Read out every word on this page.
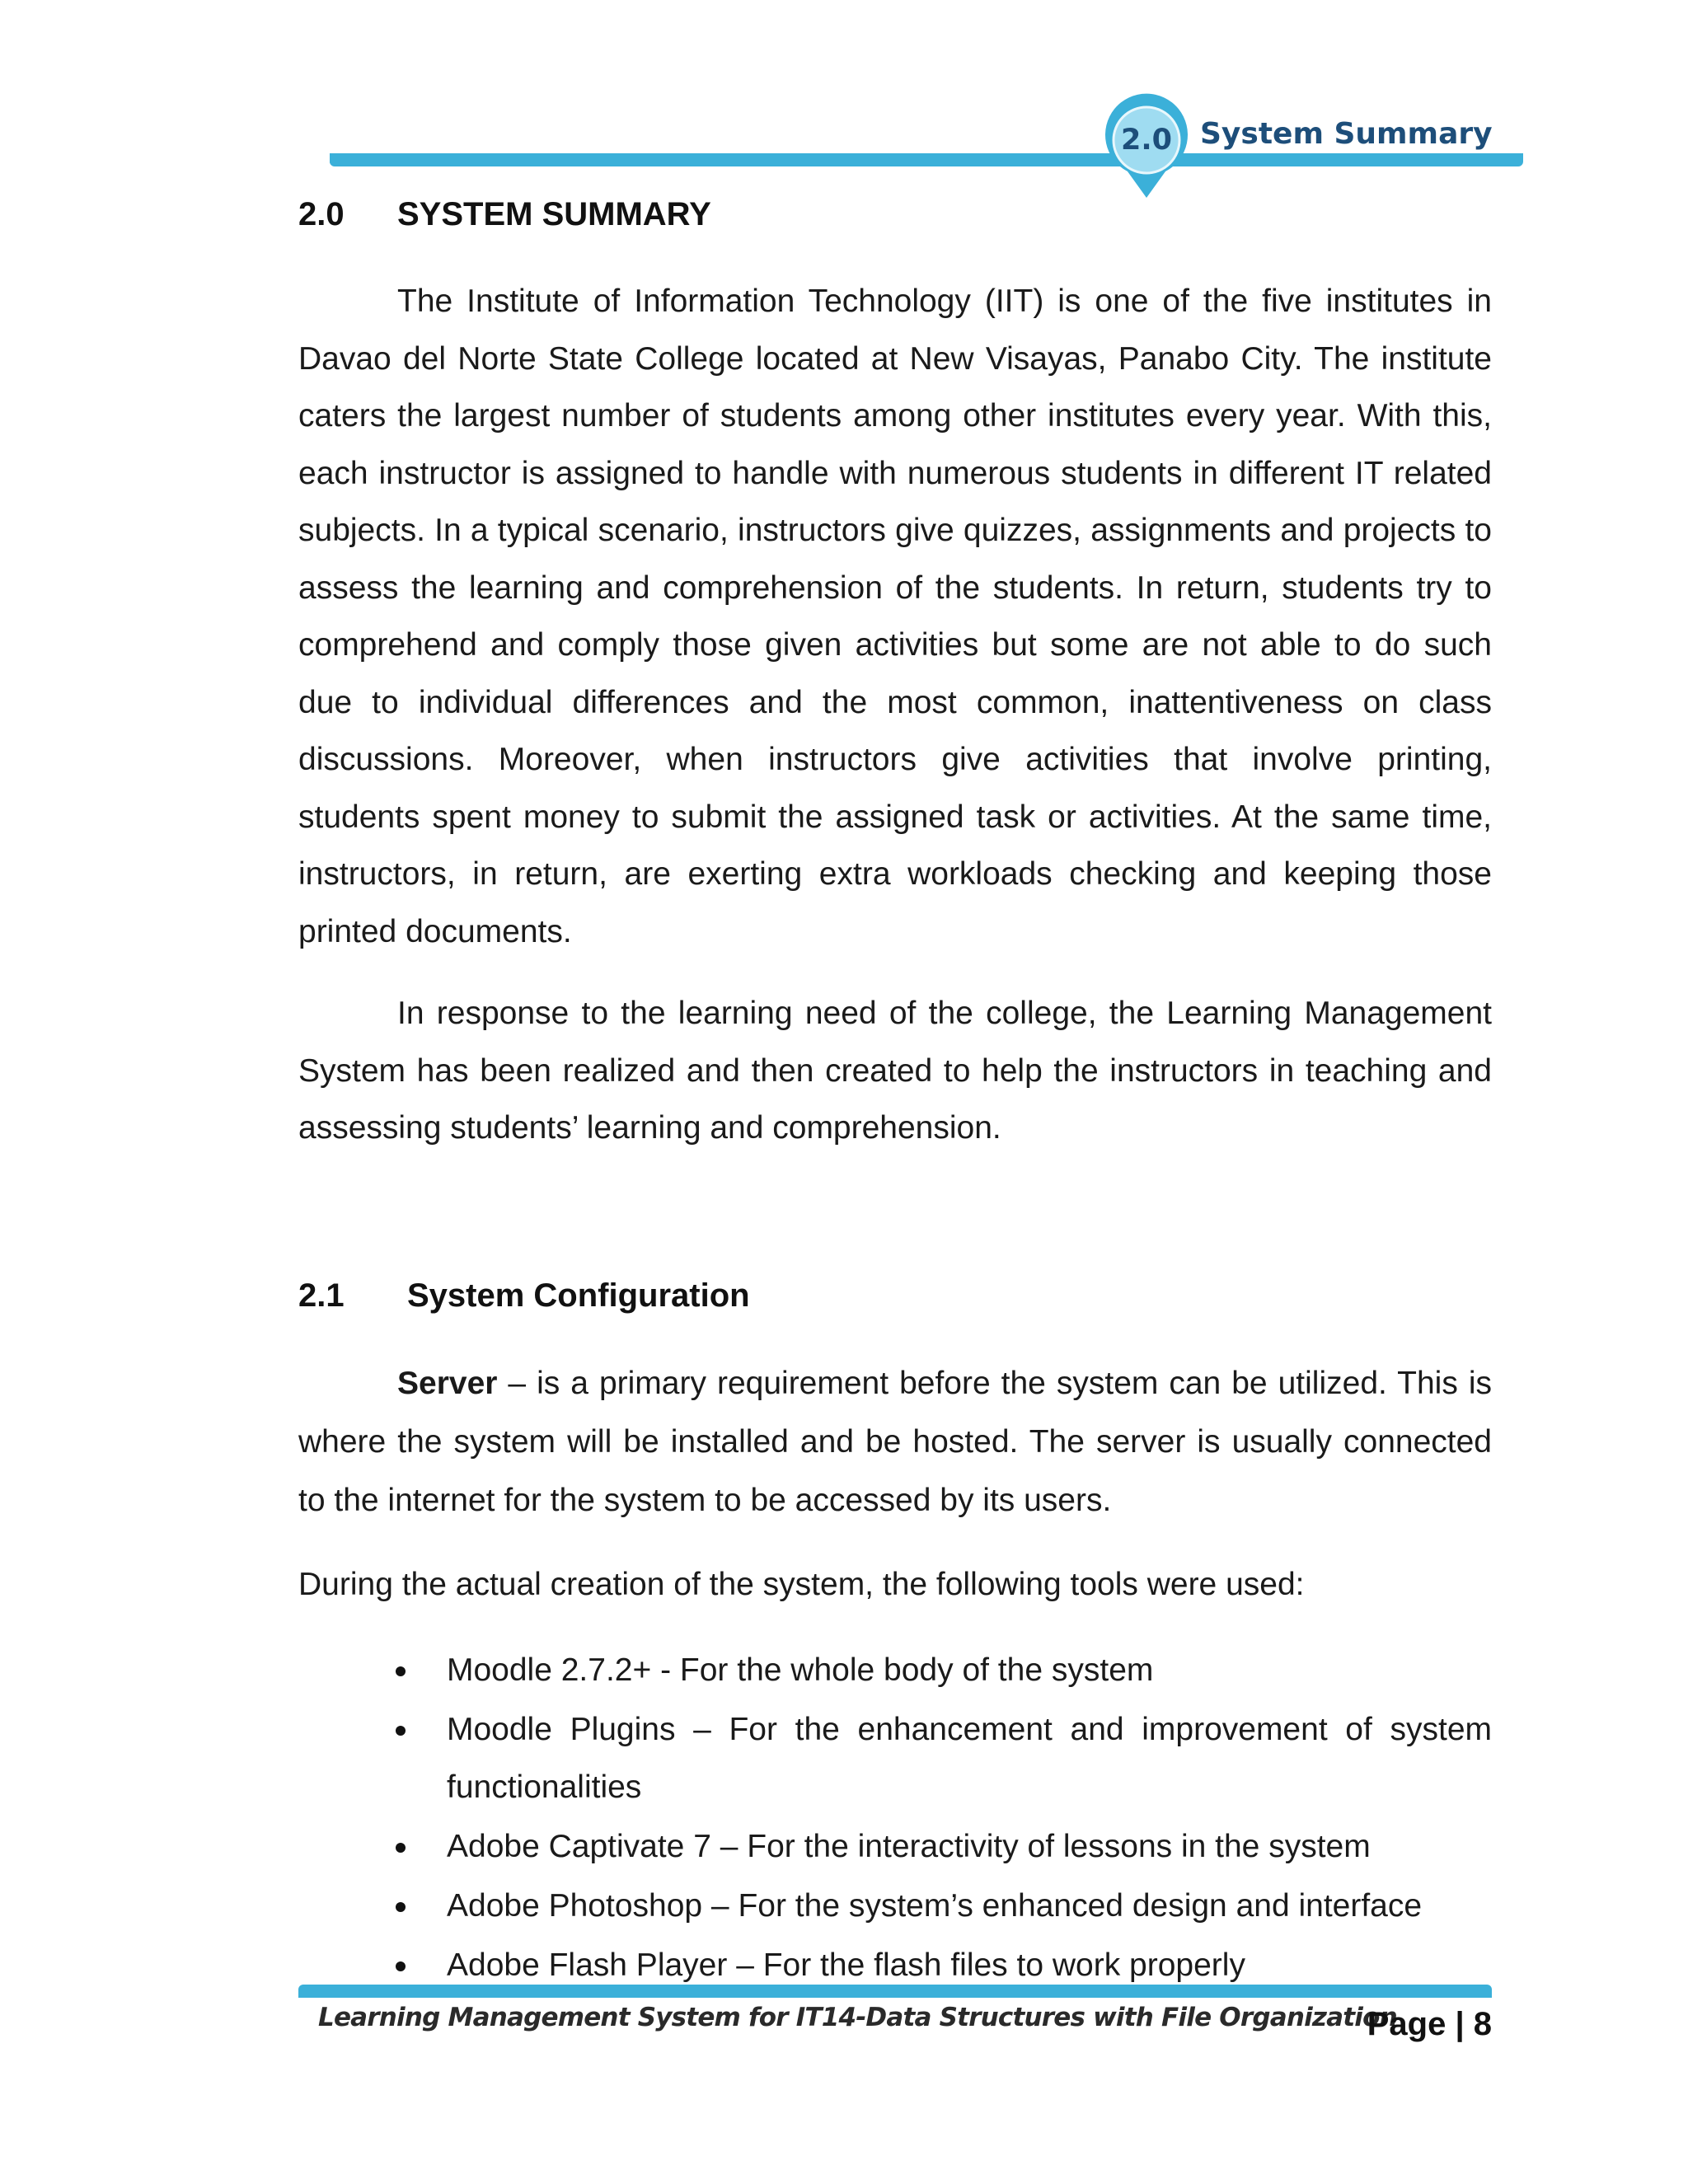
2.0 System Summary
2.0 SYSTEM SUMMARY
The Institute of Information Technology (IIT) is one of the five institutes in Davao del Norte State College located at New Visayas, Panabo City. The institute caters the largest number of students among other institutes every year. With this, each instructor is assigned to handle with numerous students in different IT related subjects. In a typical scenario, instructors give quizzes, assignments and projects to assess the learning and comprehension of the students. In return, students try to comprehend and comply those given activities but some are not able to do such due to individual differences and the most common, inattentiveness on class discussions. Moreover, when instructors give activities that involve printing, students spent money to submit the assigned task or activities. At the same time, instructors, in return, are exerting extra workloads checking and keeping those printed documents.
In response to the learning need of the college, the Learning Management System has been realized and then created to help the instructors in teaching and assessing students’ learning and comprehension.
2.1 System Configuration
Server – is a primary requirement before the system can be utilized. This is where the system will be installed and be hosted. The server is usually connected to the internet for the system to be accessed by its users.
During the actual creation of the system, the following tools were used:
Moodle 2.7.2+ - For the whole body of the system
Moodle Plugins – For the enhancement and improvement of system functionalities
Adobe Captivate 7 – For the interactivity of lessons in the system
Adobe Photoshop – For the system’s enhanced design and interface
Adobe Flash Player – For the flash files to work properly
Learning Management System for IT14-Data Structures with File Organization
Page | 8
